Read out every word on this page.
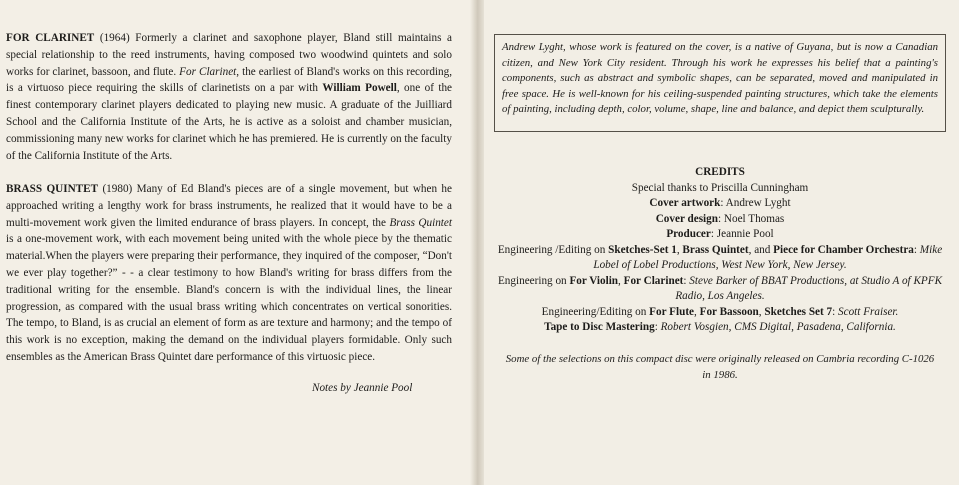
FOR CLARINET (1964) Formerly a clarinet and saxophone player, Bland still maintains a special relationship to the reed instruments, having composed two woodwind quintets and solo works for clarinet, bassoon, and flute. For Clarinet, the earliest of Bland's works on this recording, is a virtuoso piece requiring the skills of clarinetists on a par with William Powell, one of the finest contemporary clarinet players dedicated to playing new music. A graduate of the Juilliard School and the California Institute of the Arts, he is active as a soloist and chamber musician, commissioning many new works for clarinet which he has premiered. He is currently on the faculty of the California Institute of the Arts.

BRASS QUINTET (1980) Many of Ed Bland's pieces are of a single movement, but when he approached writing a lengthy work for brass instruments, he realized that it would have to be a multi-movement work given the limited endurance of brass players. In concept, the Brass Quintet is a one-movement work, with each movement being united with the whole piece by the thematic material.When the players were preparing their performance, they inquired of the composer, “Don't we ever play together?” - - a clear testimony to how Bland's writing for brass differs from the traditional writing for the ensemble. Bland's concern is with the individual lines, the linear progression, as compared with the usual brass writing which concentrates on vertical sonorities. The tempo, to Bland, is as crucial an element of form as are texture and harmony; and the tempo of this work is no exception, making the demand on the individual players formidable. Only such ensembles as the American Brass Quintet dare performance of this virtuosic piece.

Notes by Jeannie Pool
Andrew Lyght, whose work is featured on the cover, is a native of Guyana, but is now a Canadian citizen, and New York City resident. Through his work he expresses his belief that a painting's components, such as abstract and symbolic shapes, can be separated, moved and manipulated in free space. He is well-known for his ceiling-suspended painting structures, which take the elements of painting, including depth, color, volume, shape, line and balance, and depict them sculpturally.
CREDITS
Special thanks to Priscilla Cunningham
Cover artwork: Andrew Lyght
Cover design: Noel Thomas
Producer: Jeannie Pool
Engineering /Editing on Sketches-Set 1, Brass Quintet, and Piece for Chamber Orchestra: Mike Lobel of Lobel Productions, West New York, New Jersey.
Engineering on For Violin, For Clarinet: Steve Barker of BBAT Productions, at Studio A of KPFK Radio, Los Angeles.
Engineering/Editing on For Flute, For Bassoon, Sketches Set 7: Scott Fraiser.
Tape to Disc Mastering: Robert Vosgien, CMS Digital, Pasadena, California.
Some of the selections on this compact disc were originally released on Cambria recording C-1026 in 1986.
